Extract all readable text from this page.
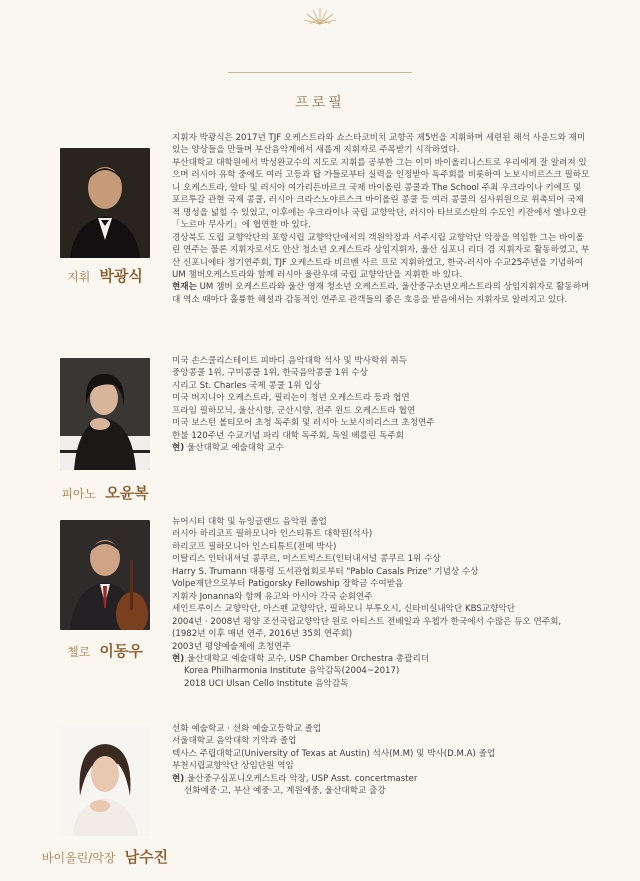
프로필
지휘 박광식

지휘자 박광식은 2017년 TJF 오케스트라와 쇼스타코비치 교향곡 제5번을 지휘하며 세련된 해석 사운드와 재미있는 양상들을 만들며 부산음악계에서 새롭게 지휘자로 주목받기 시작하였다.

부산대학교 대학원에서 박성완교수의 지도로 지휘를 공부한 그는 이미 바이올리니스트로 우리에게 잘 알려져 있으며 러시아 유학 중에도 여러 고등과 탑 가들로부터 실력을 인정받아 독주회를 비롯하여 노보시비르스크 필하모니 오케스트라, 알타 및 러시아 여가리든바르크 국제 바이올린 콩쿨과 The School 주최 우크라이나 키에프 및 포르투갈 관현 국제 콩쿨, 러시아 크라스노야르스크 바이올린 콩쿨 등 여러 콩쿨의 심사위원으로 위촉되어 국제적 명성을 넓힐 수 있었고, 이후에는 우크라이나 국립 교향악단, 러시아 타브로스탄의 수도인 키잔에서 열나오란 「노르마 무사키」에 협연한 바 있다.

경상북도 도립 교향악단의 포항시립 교향악단에서의 객원악장과 서주시립 교향악단 악장을 역임한 그는 바이올린 연주는 물론 지휘자로서도 안산 청소년 오케스트라 상임지휘자, 울산 심포니 리더 겸 지휘자로 활동하였고, 부산 신포니에타 정기연주회, TJF 오케스트라 비르벤 사르 프로 지휘하였고, 한국-러시아 수교25주년을 기념하여 UM 챔버오케스트라와 함께 러시아 울란우데 국립 교향악단을 지휘한 바 있다.

현재는 UM 챔버 오케스트라와 울산 영재 청소년 오케스트라, 울산중구소년오케스트라의 상임지휘자로 활동하며 대 역소 때마다 훌륭한 해설과 감동적인 연주로 관객들의 좋은 호응을 받음에서는 지휘자로 알려지고 있다.

피아노 오윤복
미국 손스쿨리스테이트 피바디 음악대학 석사 및 박사학위 취득
중앙콩쿨 1위, 구미콩쿨 1위, 한국음악콩쿨 1위 수상
시리고 St. Charles 국제 콩쿨 1위 입상
미국 버지니아 오케스트라, 필리는이 청년 오케스트라 등과 협연
프라임 필하모닉, 울산시향, 군산시향, 전주 윈드 오케스트라 협연
미국 보스턴 볼티모어 초청 독주회 및 러시아 노보시비리스크 초청연주
한불 120주년 수교기념 파리 대학 독주회, 독일 베를린 독주회
현) 울산대학교 예술대학 교수
첼로 이동우
뉴어시티 대학 및 뉴잉글랜드 음악원 졸업
러시아 하리코프 필하모니아 인스티튜트 대학원(석사)
하리코프 필하모니아 인스티튜트(전메 박사)
이탈리스 인터내셔널 콩쿠르, 미스트빅스트(인터내셔널 콩쿠르 1위 수상
Harry S. Trumann 대통령 도서관협회로부터 "Pablo Casals Prize" 기념상 수상
Volpe재단으로부터 Patigorsky Fellowship 장학금 수여받음
지휘자 Jonanna와 함께 유고와 아시아 각국 순회연주
세인트루이스 교향악단, 아스펜 교향악단, 필하모니 부투오시, 신타비실내악단 KBS교향악단
2004년 · 2008년 평양 조선국립교향악단 원로 아티스트 전배일과 우쳅가 한국에서 수많은 듀오 연주회,
(1982년 이후 매년 연주, 2016년 35회 연주회)
2003년 평양예술제에 초청연주
현) 울산대학교 예술대학 교수, USP Chamber Orchestra 총괄리더
Korea Philharmonia Institute 음악감독(2004~2017)
2018 UCI Ulsan Cello Institute 음악감독
바이올린/악장 남수진
선화 예술학교 · 선화 예술고등학교 졸업
서울대학교 음악대학 기악과 졸업
텍사스 주립대학교(University of Texas at Austin) 석사(M.M) 및 박사(D.M.A) 졸업
부천시립교향악단 상임단원 역임
현) 울산중구심포니오케스트라 악장, USP Asst. concertmaster
선화예중·고, 부산 예중·고, 계원예중, 울산대학교 출강
